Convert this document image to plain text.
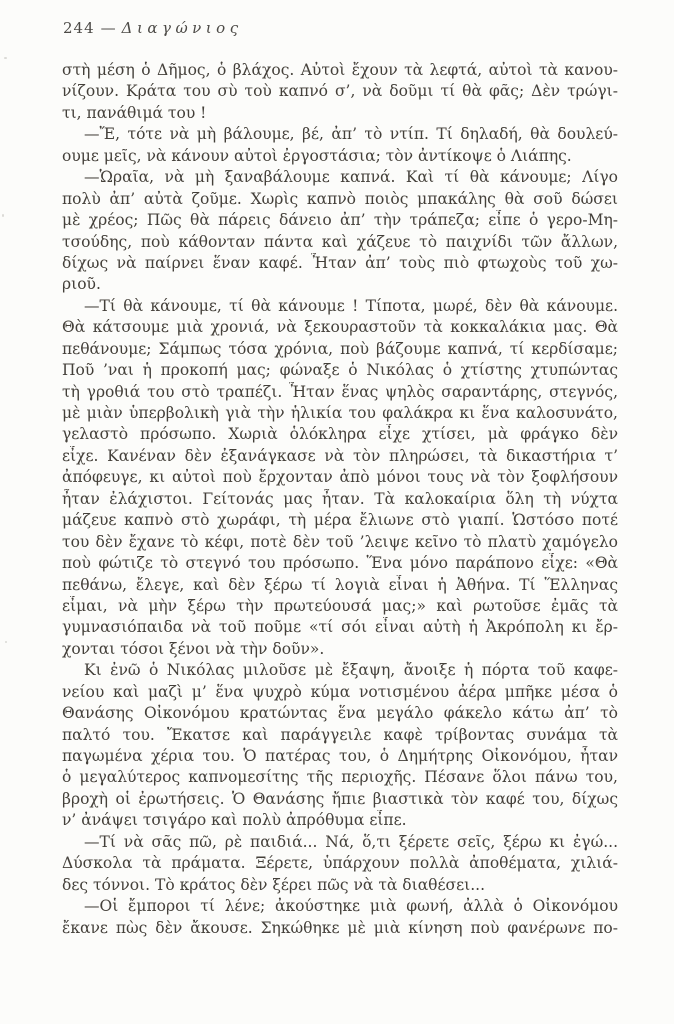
244 — Διαγώνιος
στὴ μέση ὁ Δῆμος, ὁ βλάχος. Αὐτοὶ ἔχουν τὰ λεφτά, αὐτοὶ τὰ κανου-
νίζουν. Κράτα του σὺ τοὺ καπνό σ’, νὰ δοῦμι τί θὰ φᾶς; Δὲν τρώγι-
τι, πανάθιμά του !
—Ἔ, τότε νὰ μὴ βάλουμε, βέ, ἀπ’ τὸ ντίπ. Τί δηλαδή, θὰ δουλεύ-
ουμε μεῖς, νὰ κάνουν αὐτοὶ ἐργοστάσια; τὸν ἀντίκοψε ὁ Λιάπης.
—Ὡραῖα, νὰ μὴ ξαναβάλουμε καπνά. Καὶ τί θὰ κάνουμε; Λίγο
πολὺ ἀπ’ αὐτὰ ζοῦμε. Χωρὶς καπνὸ ποιὸς μπακάλης θὰ σοῦ δώσει
μὲ χρέος; Πῶς θὰ πάρεις δάνειο ἀπ’ τὴν τράπεζα; εἶπε ὁ γερο-Μη-
τσούδης, ποὺ κάθονταν πάντα καὶ χάζευε τὸ παιχνίδι τῶν ἄλλων,
δίχως νὰ παίρνει ἕναν καφέ. Ἦταν ἀπ’ τοὺς πιὸ φτωχοὺς τοῦ χω-
ριοῦ.
—Τί θὰ κάνουμε, τί θὰ κάνουμε ! Τίποτα, μωρέ, δὲν θὰ κάνουμε.
Θὰ κάτσουμε μιὰ χρονιά, νὰ ξεκουραστοῦν τὰ κοκκαλάκια μας. Θὰ
πεθάνουμε; Σάμπως τόσα χρόνια, ποὺ βάζουμε καπνά, τί κερδίσαμε;
Ποῦ ’ναι ἡ προκοπή μας; φώναξε ὁ Νικόλας ὁ χτίστης χτυπώντας
τὴ γροθιά του στὸ τραπέζι. Ἦταν ἕνας ψηλὸς σαραντάρης, στεγνός,
μὲ μιὰν ὑπερβολικὴ γιὰ τὴν ἡλικία του φαλάκρα κι ἕνα καλοσυνάτο,
γελαστὸ πρόσωπο. Χωριὰ ὁλόκληρα εἶχε χτίσει, μὰ φράγκο δὲν
εἶχε. Κανέναν δὲν ἐξανάγκασε νὰ τὸν πληρώσει, τὰ δικαστήρια τ’
ἀπόφευγε, κι αὐτοὶ ποὺ ἔρχονταν ἀπὸ μόνοι τους νὰ τὸν ξοφλήσουν
ἦταν ἐλάχιστοι. Γείτονάς μας ἦταν. Τὰ καλοκαίρια ὅλη τὴ νύχτα
μάζευε καπνὸ στὸ χωράφι, τὴ μέρα ἔλιωνε στὸ γιαπί. Ὡστόσο ποτέ
του δὲν ἔχανε τὸ κέφι, ποτὲ δὲν τοῦ ’λειψε κεῖνο τὸ πλατὺ χαμόγελο
ποὺ φώτιζε τὸ στεγνό του πρόσωπο. Ἕνα μόνο παράπονο εἶχε: «Θὰ
πεθάνω, ἔλεγε, καὶ δὲν ξέρω τί λογιὰ εἶναι ἡ Ἀθήνα. Τί Ἕλληνας
εἶμαι, νὰ μὴν ξέρω τὴν πρωτεύουσά μας;» καὶ ρωτοῦσε ἐμᾶς τὰ
γυμνασιόπαιδα νὰ τοῦ ποῦμε «τί σόι εἶναι αὐτὴ ἡ Ἀκρόπολη κι ἔρ-
χονται τόσοι ξένοι νὰ τὴν δοῦν».
Κι ἐνῶ ὁ Νικόλας μιλοῦσε μὲ ἔξαψη, ἄνοιξε ἡ πόρτα τοῦ καφε-
νείου καὶ μαζὶ μ’ ἕνα ψυχρὸ κύμα νοτισμένου ἀέρα μπῆκε μέσα ὁ
Θανάσης Οἰκονόμου κρατώντας ἕνα μεγάλο φάκελο κάτω ἀπ’ τὸ
παλτό του. Ἔκατσε καὶ παράγγειλε καφὲ τρίβοντας συνάμα τὰ
παγωμένα χέρια του. Ὁ πατέρας του, ὁ Δημήτρης Οἰκονόμου, ἦταν
ὁ μεγαλύτερος καπνομεσίτης τῆς περιοχῆς. Πέσανε ὅλοι πάνω του,
βροχὴ οἱ ἐρωτήσεις. Ὁ Θανάσης ἤπιε βιαστικὰ τὸν καφέ του, δίχως
ν’ ἀνάψει τσιγάρο καὶ πολὺ ἀπρόθυμα εἶπε.
—Τί νὰ σᾶς πῶ, ρὲ παιδιά... Νά, ὅ,τι ξέρετε σεῖς, ξέρω κι ἐγώ...
Δύσκολα τὰ πράματα. Ξέρετε, ὑπάρχουν πολλὰ ἀποθέματα, χιλιά-
δες τόννοι. Τὸ κράτος δὲν ξέρει πῶς νὰ τὰ διαθέσει...
—Οἱ ἔμποροι τί λένε; ἀκούστηκε μιὰ φωνή, ἀλλὰ ὁ Οἰκονόμου
ἔκανε πὼς δὲν ἄκουσε. Σηκώθηκε μὲ μιὰ κίνηση ποὺ φανέρωνε πο-
